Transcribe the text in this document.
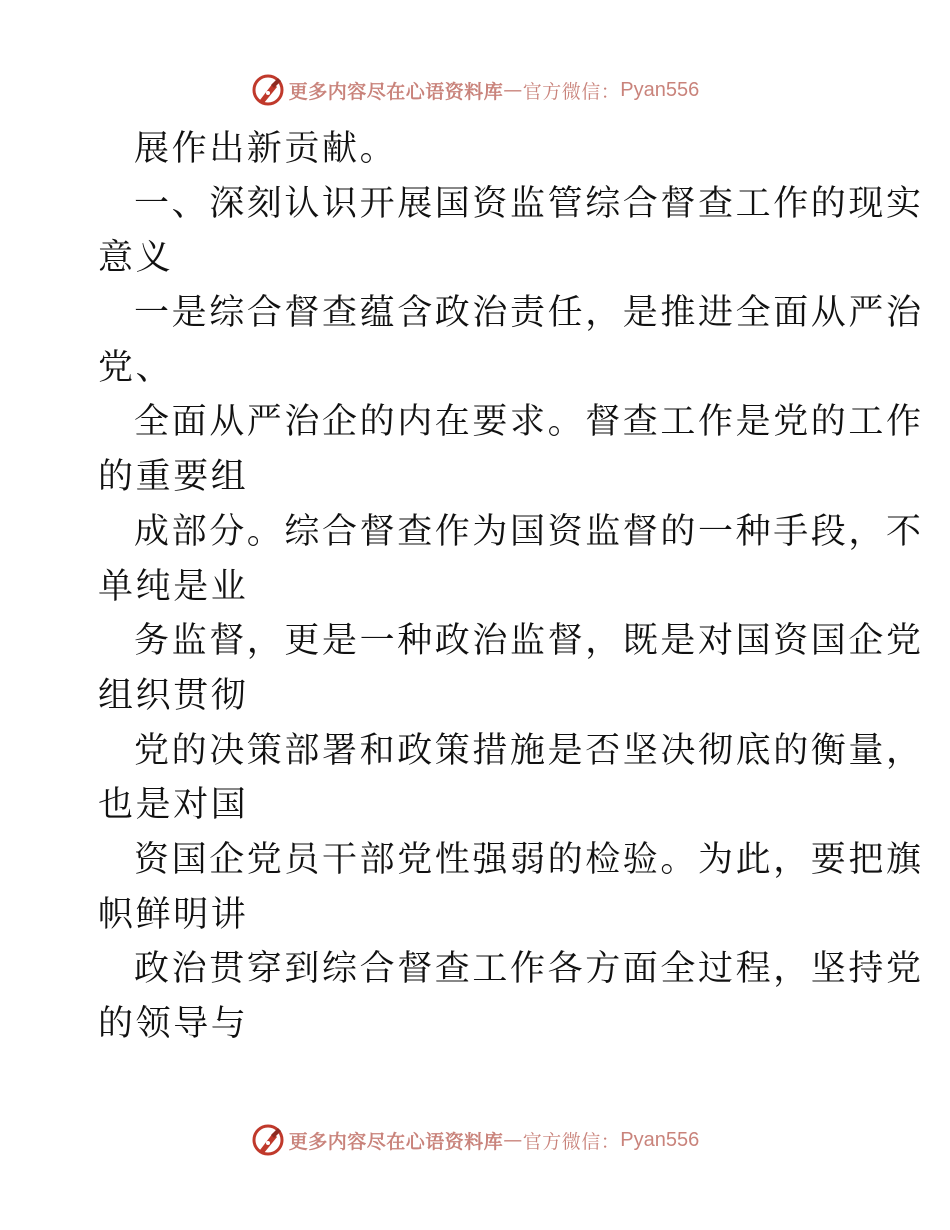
更多内容尽在心语资料库 — 官方微信： Pyan556
展作出新贡献。
一、深刻认识开展国资监管综合督查工作的现实
意义
一是综合督查蕴含政治责任，是推进全面从严治
党、
全面从严治企的内在要求。督查工作是党的工作
的重要组
成部分。综合督查作为国资监督的一种手段，不
单纯是业
务监督，更是一种政治监督，既是对国资国企党
组织贯彻
党的决策部署和政策措施是否坚决彻底的衡量，
也是对国
资国企党员干部党性强弱的检验。为此，要把旗
帜鲜明讲
政治贯穿到综合督查工作各方面全过程，坚持党
的领导与
更多内容尽在心语资料库 — 官方微信： Pyan556
